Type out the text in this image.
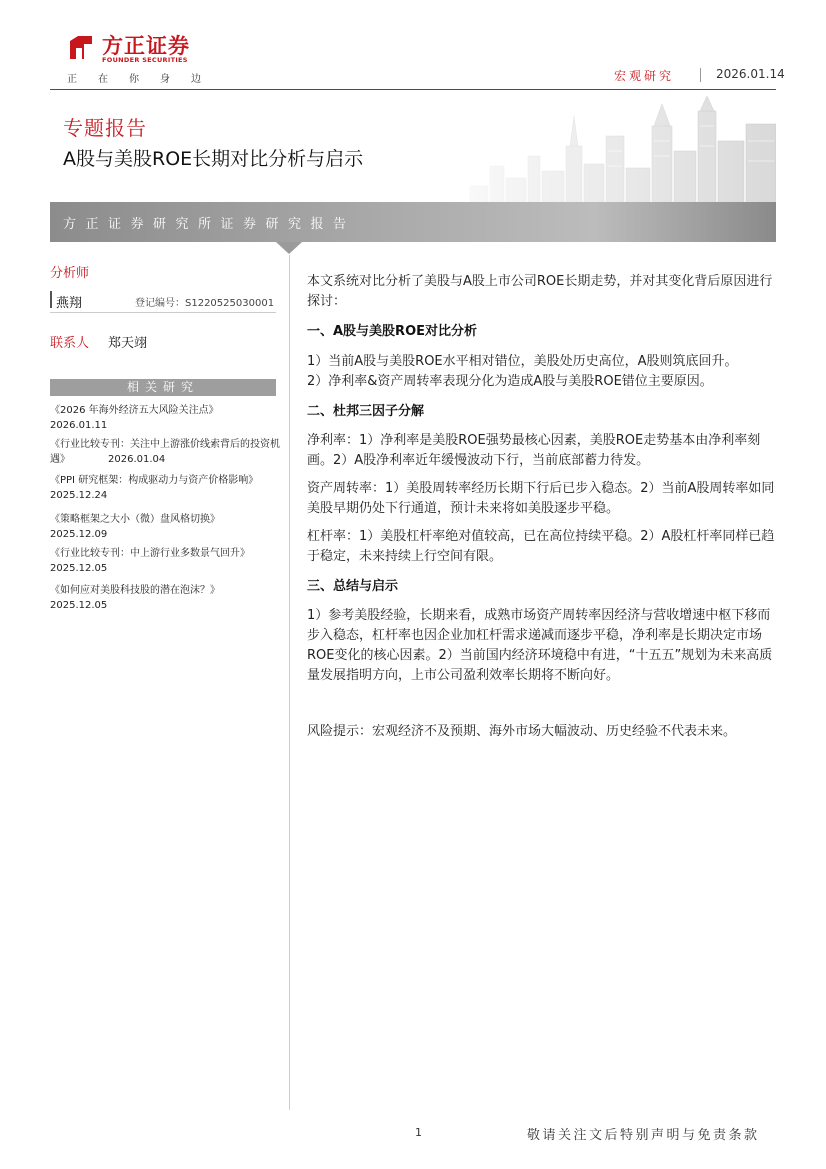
方正证券
FOUNDER SECURITIES
正在你身边	宏观研究	2026.01.14
专题报告
A股与美股ROE长期对比分析与启示
方正证券研究所证券研究报告
分析师
燕翔	登记编号：S1220525030001
联系人 郑天翊
相关研究
《2026 年海外经济五大风险关注点》
2026.01.11
《行业比较专刊：关注中上游涨价线索背后的投资机遇》	2026.01.04
《PPI 研究框架：构成驱动力与资产价格影响》
2025.12.24
《策略框架之大小（微）盘风格切换》
2025.12.09
《行业比较专刊：中上游行业多数景气回升》
2025.12.05
《如何应对美股科技股的潜在泡沫？》
2025.12.05
本文系统对比分析了美股与A股上市公司ROE长期走势，并对其变化背后原因进行探讨：
一、A股与美股ROE对比分析
1）当前A股与美股ROE水平相对错位，美股处历史高位，A股则筑底回升。
2）净利率&资产周转率表现分化为造成A股与美股ROE错位主要原因。
二、杜邦三因子分解
净利率：1）净利率是美股ROE强势最核心因素，美股ROE走势基本由净利率刻画。2）A股净利率近年缓慢波动下行，当前底部蓄力待发。
资产周转率：1）美股周转率经历长期下行后已步入稳态。2）当前A股周转率如同美股早期仍处下行通道，预计未来将如美股逐步平稳。
杠杆率：1）美股杠杆率绝对值较高，已在高位持续平稳。2）A股杠杆率同样已趋于稳定，未来持续上行空间有限。
三、总结与启示
1）参考美股经验，长期来看，成熟市场资产周转率因经济与营收增速中枢下移而步入稳态，杠杆率也因企业加杠杆需求递减而逐步平稳，净利率是长期决定市场ROE变化的核心因素。2）当前国内经济环境稳中有进，“十五五”规划为未来高质量发展指明方向，上市公司盈利效率长期将不断向好。
风险提示：宏观经济不及预期、海外市场大幅波动、历史经验不代表未来。
1	敬请关注文后特别声明与免责条款
